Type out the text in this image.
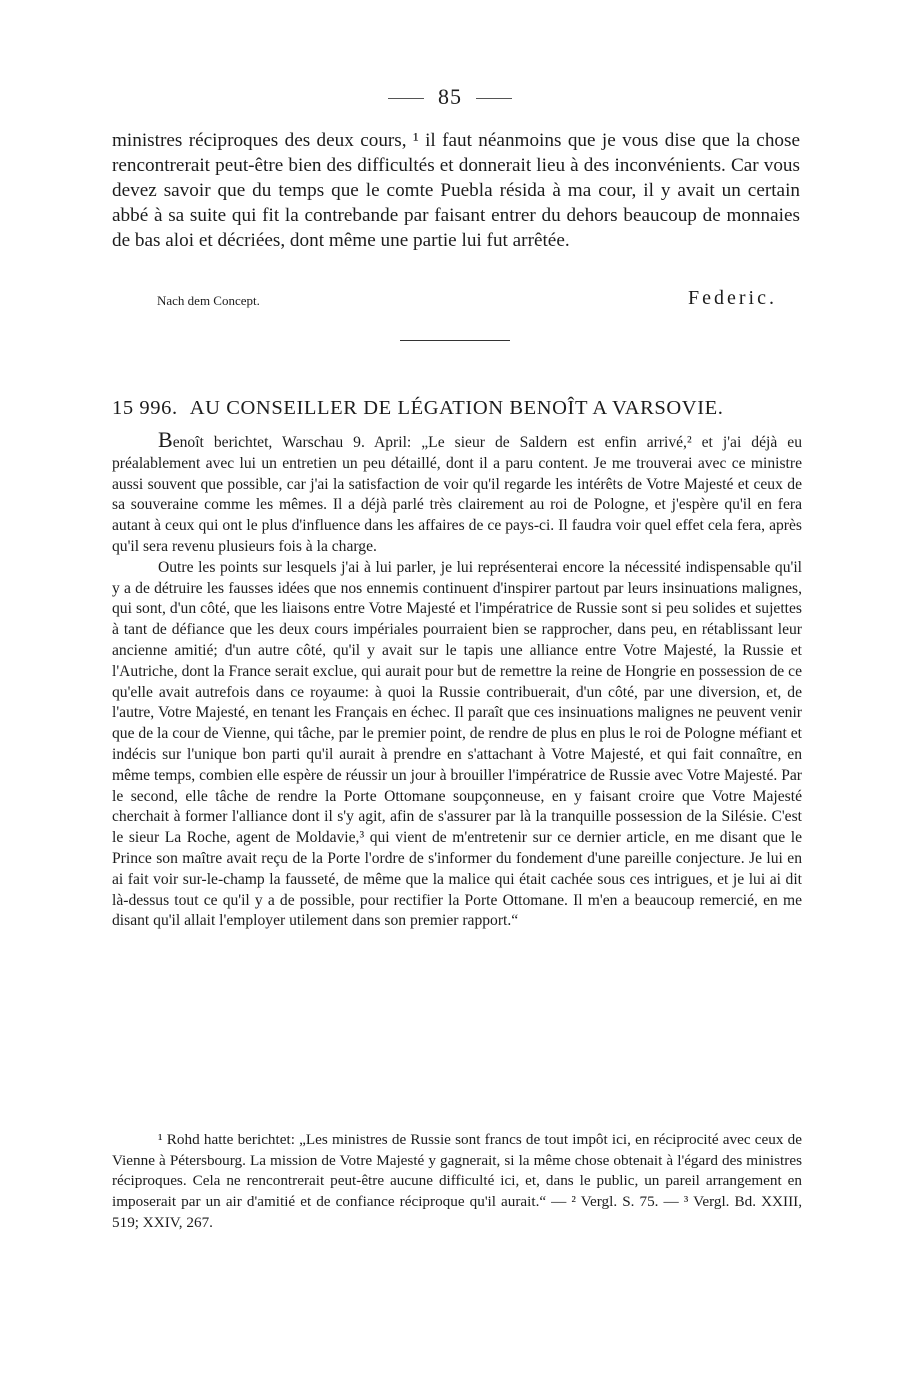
85
ministres réciproques des deux cours, ¹ il faut néanmoins que je vous dise que la chose rencontrerait peut-être bien des difficultés et donnerait lieu à des inconvénients. Car vous devez savoir que du temps que le comte Puebla résida à ma cour, il y avait un certain abbé à sa suite qui fit la contrebande par faisant entrer du dehors beaucoup de monnaies de bas aloi et décriées, dont même une partie lui fut arrêtée.
Nach dem Concept.	Federic.
15 996. AU CONSEILLER DE LÉGATION BENOÎT A VARSOVIE.

Benoît berichtet, Warschau 9. April: „Le sieur de Saldern est enfin arrivé,² et j'ai déjà eu préalablement avec lui un entretien un peu détaillé, dont il a paru content. Je me trouverai avec ce ministre aussi souvent que possible, car j'ai la satisfaction de voir qu'il regarde les intérêts de Votre Majesté et ceux de sa souveraine comme les mêmes. Il a déjà parlé très clairement au roi de Pologne, et j'espère qu'il en fera autant à ceux qui ont le plus d'influence dans les affaires de ce pays-ci. Il faudra voir quel effet cela fera, après qu'il sera revenu plusieurs fois à la charge.

Outre les points sur lesquels j'ai à lui parler, je lui représenterai encore la nécessité indispensable qu'il y a de détruire les fausses idées que nos ennemis continuent d'inspirer partout par leurs insinuations malignes, qui sont, d'un côté, que les liaisons entre Votre Majesté et l'impératrice de Russie sont si peu solides et sujettes à tant de défiance que les deux cours impériales pourraient bien se rapprocher, dans peu, en rétablissant leur ancienne amitié; d'un autre côté, qu'il y avait sur le tapis une alliance entre Votre Majesté, la Russie et l'Autriche, dont la France serait exclue, qui aurait pour but de remettre la reine de Hongrie en possession de ce qu'elle avait autrefois dans ce royaume: à quoi la Russie contribuerait, d'un côté, par une diversion, et, de l'autre, Votre Majesté, en tenant les Français en échec. Il paraît que ces insinuations malignes ne peuvent venir que de la cour de Vienne, qui tâche, par le premier point, de rendre de plus en plus le roi de Pologne méfiant et indécis sur l'unique bon parti qu'il aurait à prendre en s'attachant à Votre Majesté, et qui fait connaître, en même temps, combien elle espère de réussir un jour à brouiller l'impératrice de Russie avec Votre Majesté. Par le second, elle tâche de rendre la Porte Ottomane soupçonneuse, en y faisant croire que Votre Majesté cherchait à former l'alliance dont il s'y agit, afin de s'assurer par là la tranquille possession de la Silésie. C'est le sieur La Roche, agent de Moldavie,³ qui vient de m'entretenir sur ce dernier article, en me disant que le Prince son maître avait reçu de la Porte l'ordre de s'informer du fondement d'une pareille conjecture. Je lui en ai fait voir sur-le-champ la fausseté, de même que la malice qui était cachée sous ces intrigues, et je lui ai dit là-dessus tout ce qu'il y a de possible, pour rectifier la Porte Ottomane. Il m'en a beaucoup remercié, en me disant qu'il allait l'employer utilement dans son premier rapport.“

¹ Rohd hatte berichtet: „Les ministres de Russie sont francs de tout impôt ici, en réciprocité avec ceux de Vienne à Pétersbourg. La mission de Votre Majesté y gagnerait, si la même chose obtenait à l'égard des ministres réciproques. Cela ne rencontrerait peut-être aucune difficulté ici, et, dans le public, un pareil arrangement en imposerait par un air d'amitié et de confiance réciproque qu'il aurait.“ — ² Vergl. S. 75. — ³ Vergl. Bd. XXIII, 519; XXIV, 267.
